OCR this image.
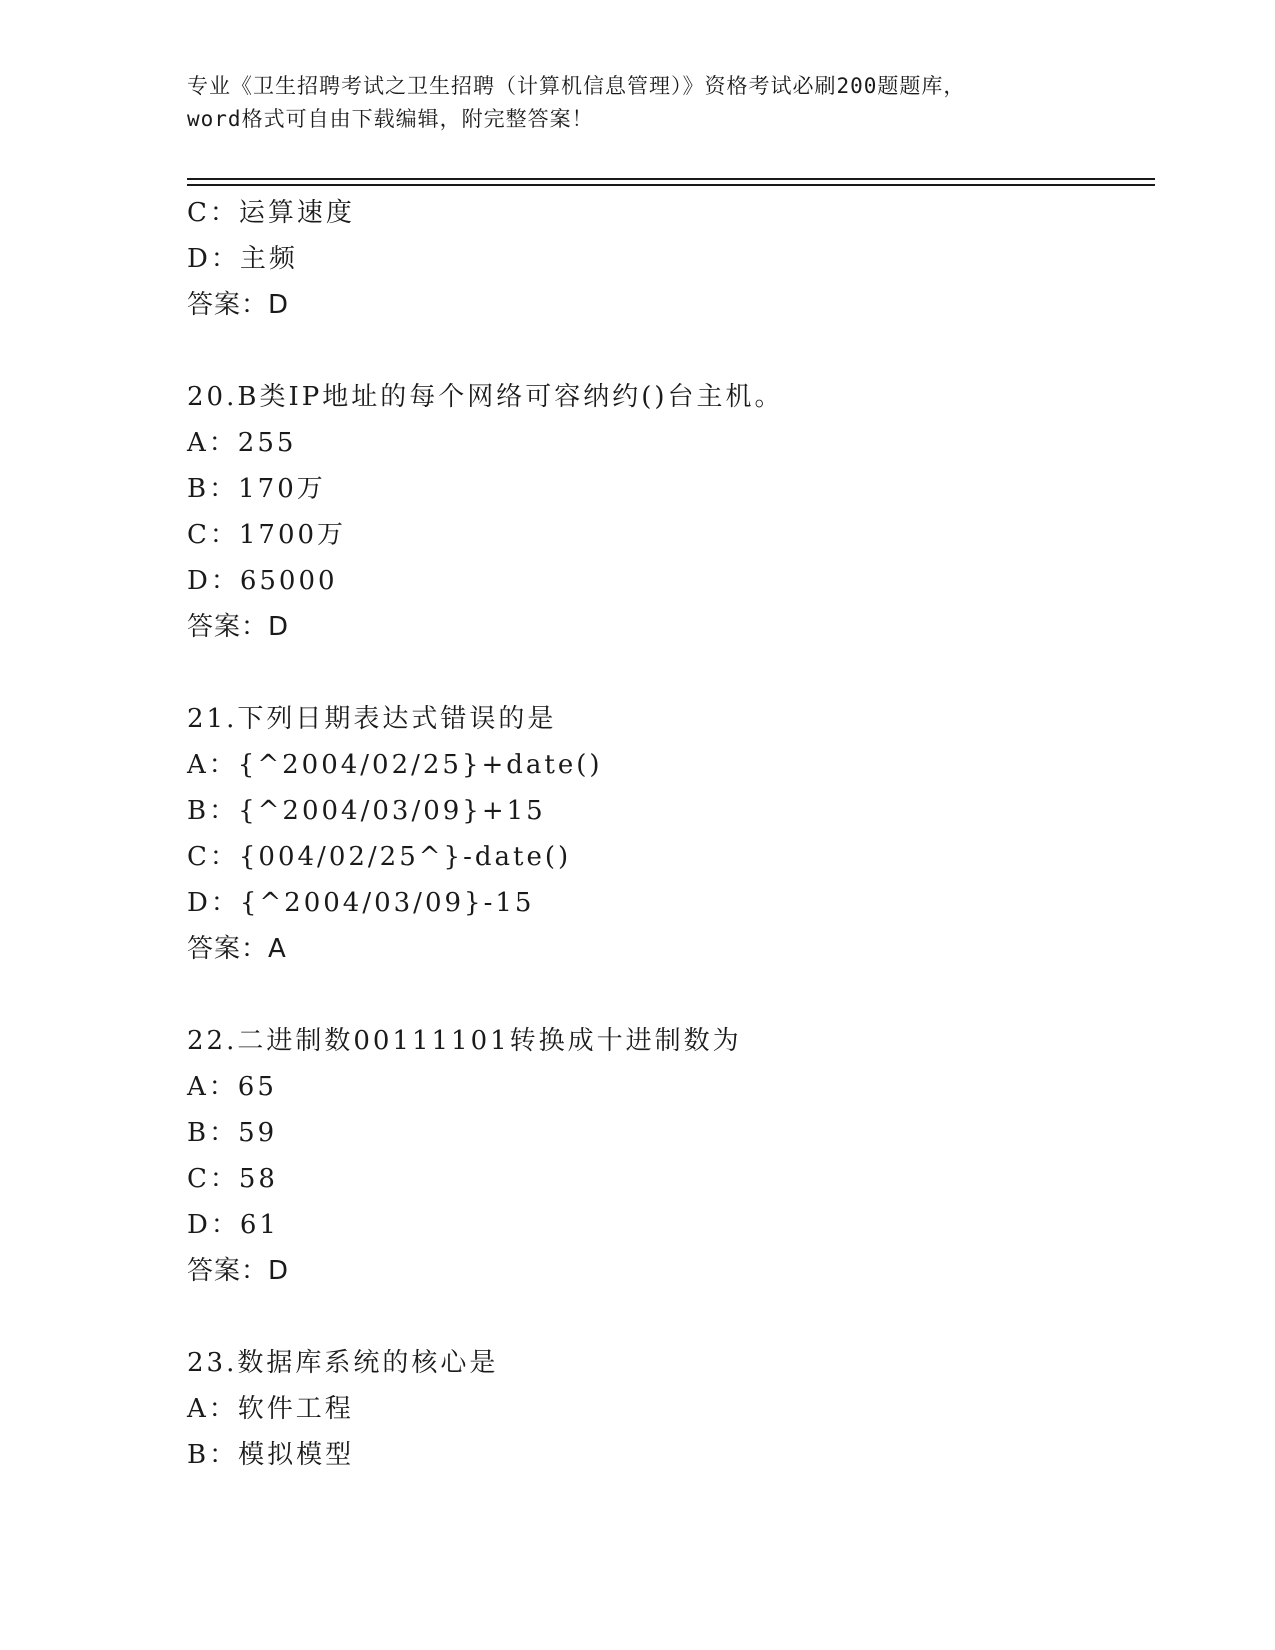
专业《卫生招聘考试之卫生招聘（计算机信息管理）》资格考试必刷200题题库，
word格式可自由下载编辑，附完整答案！
C：运算速度
D：主频
答案：D
20.B类IP地址的每个网络可容纳约()台主机。
A：255
B：170万
C：1700万
D：65000
答案：D
21.下列日期表达式错误的是
A：{^2004/02/25}+date()
B：{^2004/03/09}+15
C：{004/02/25^}-date()
D：{^2004/03/09}-15
答案：A
22.二进制数00111101转换成十进制数为
A：65
B：59
C：58
D：61
答案：D
23.数据库系统的核心是
A：软件工程
B：模拟模型
